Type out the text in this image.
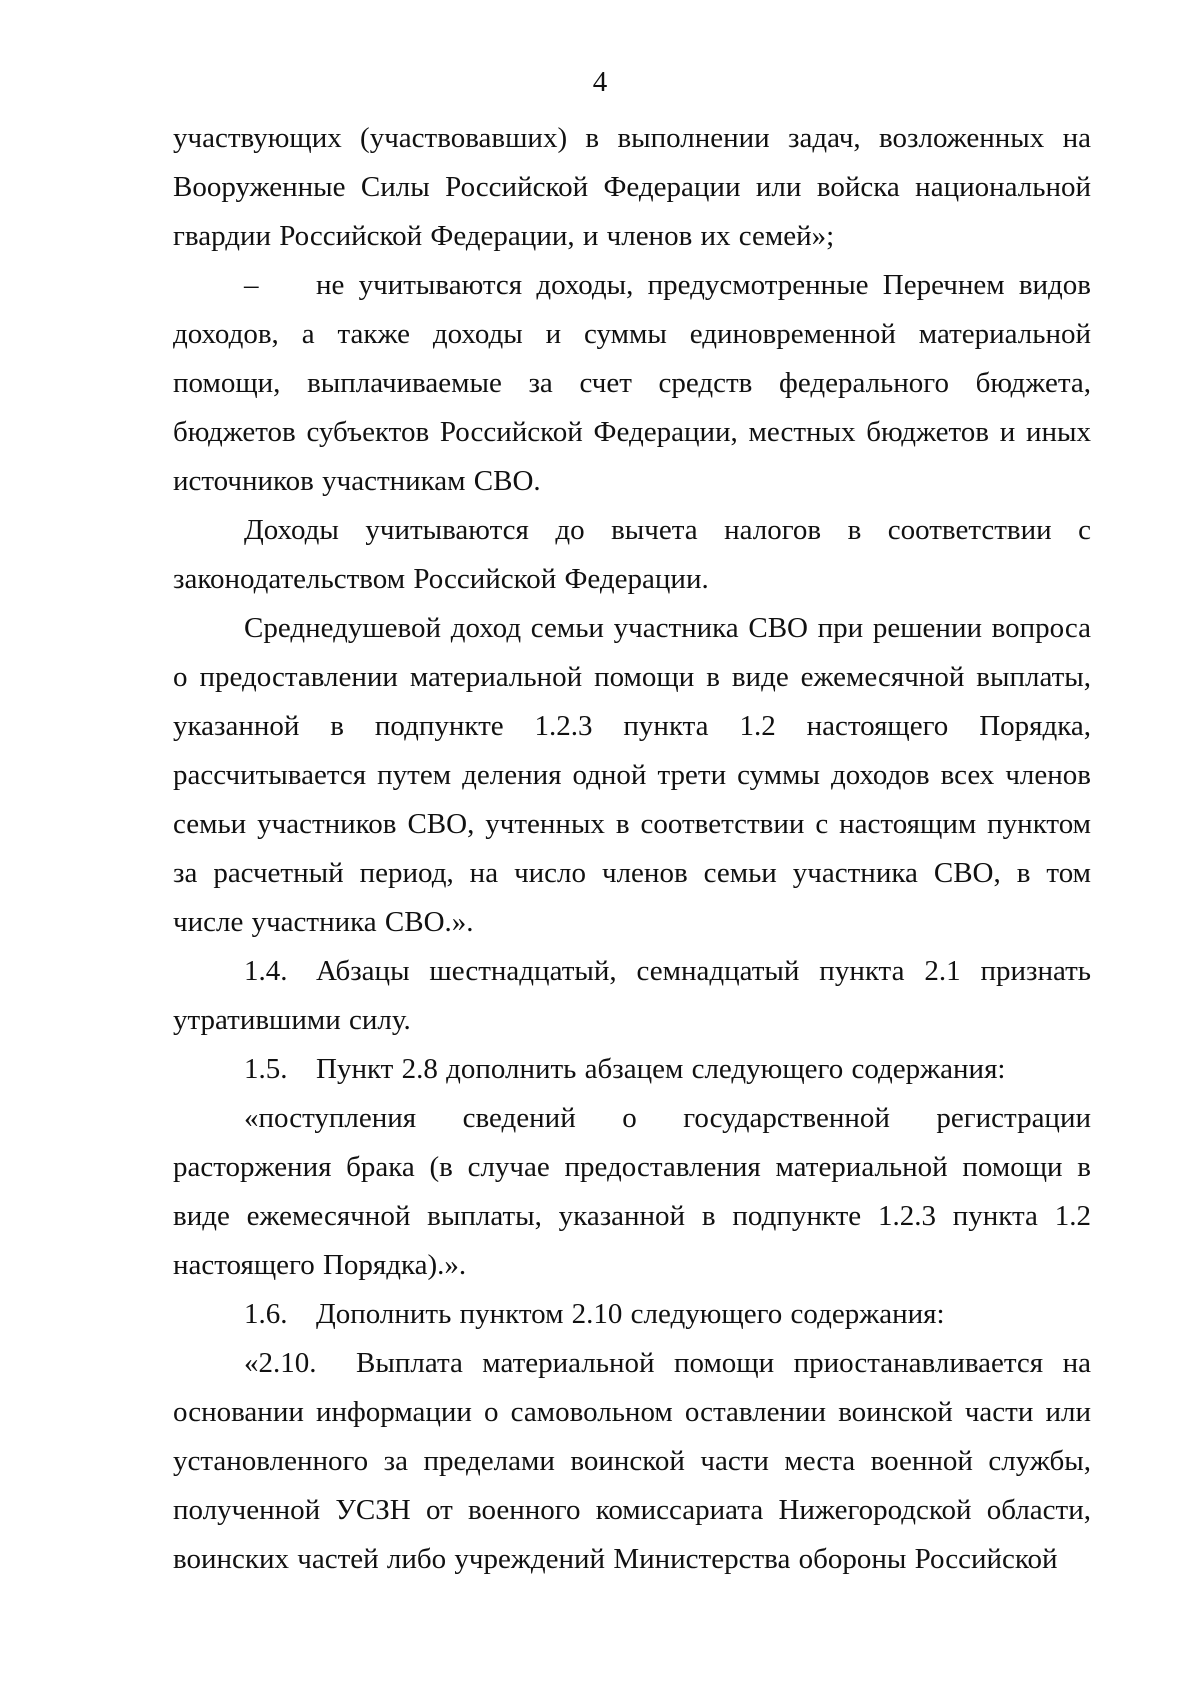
4

участвующих (участвовавших) в выполнении задач, возложенных на Вооруженные Силы Российской Федерации или войска национальной гвардии Российской Федерации, и членов их семей»;

– не учитываются доходы, предусмотренные Перечнем видов доходов, а также доходы и суммы единовременной материальной помощи, выплачиваемые за счет средств федерального бюджета, бюджетов субъектов Российской Федерации, местных бюджетов и иных источников участникам СВО.

Доходы учитываются до вычета налогов в соответствии с законодательством Российской Федерации.

Среднедушевой доход семьи участника СВО при решении вопроса о предоставлении материальной помощи в виде ежемесячной выплаты, указанной в подпункте 1.2.3 пункта 1.2 настоящего Порядка, рассчитывается путем деления одной трети суммы доходов всех членов семьи участников СВО, учтенных в соответствии с настоящим пунктом за расчетный период, на число членов семьи участника СВО, в том числе участника СВО.».

1.4. Абзацы шестнадцатый, семнадцатый пункта 2.1 признать утратившими силу.

1.5. Пункт 2.8 дополнить абзацем следующего содержания:

«поступления сведений о государственной регистрации расторжения брака (в случае предоставления материальной помощи в виде ежемесячной выплаты, указанной в подпункте 1.2.3 пункта 1.2 настоящего Порядка).».

1.6. Дополнить пунктом 2.10 следующего содержания:

«2.10. Выплата материальной помощи приостанавливается на основании информации о самовольном оставлении воинской части или установленного за пределами воинской части места военной службы, полученной УСЗН от военного комиссариата Нижегородской области, воинских частей либо учреждений Министерства обороны Российской
